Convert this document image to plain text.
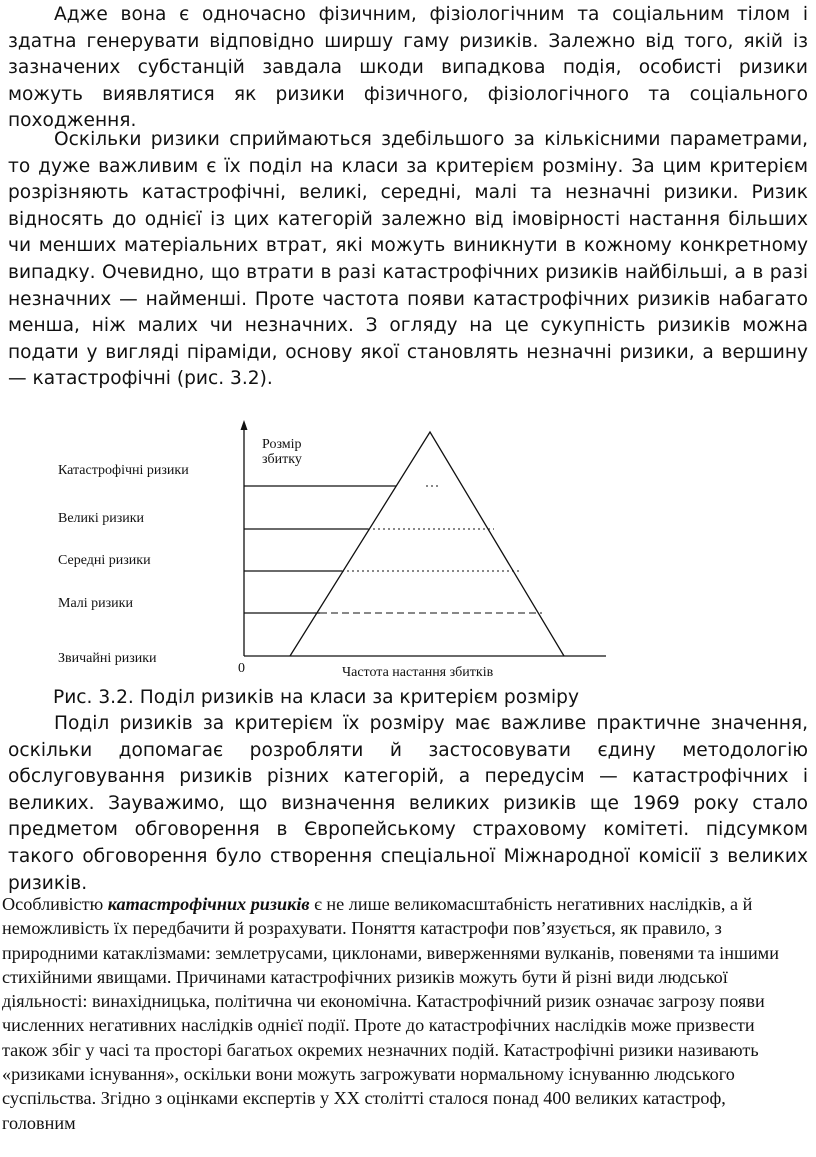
Адже вона є одночасно фізичним, фізіологічним та соціальним тілом і здатна генерувати відповідно ширшу гаму ризиків. Залежно від того, якій із зазначених субстанцій завдала шкоди випадкова подія, особисті ризики можуть виявлятися як ризики фізичного, фізіологічного та соціального походження.

Оскільки ризики сприймаються здебільшого за кількісними параметрами, то дуже важливим є їх поділ на класи за критерієм розміну. За цим критерієм розрізняють катастрофічні, великі, середні, малі та незначні ризики. Ризик відносять до однієї із цих категорій залежно від імовірності настання більших чи менших матеріальних втрат, які можуть виникнути в кожному конкретному випадку. Очевидно, що втрати в разі катастрофічних ризиків найбільші, а в разі незначних — найменші. Проте частота появи катастрофічних ризиків набагато менша, ніж малих чи незначних. З огляду на це сукупність ризиків можна подати у вигляді піраміди, основу якої становлять незначні ризики, а вершину — катастрофічні (рис. 3.2).

Розмір збитку
Катастрофічні ризики
Великі ризики
Середні ризики
Малі ризики
Звичайні ризики
0	Частота настання збитків

Рис. 3.2. Поділ ризиків на класи за критерієм розміру

Поділ ризиків за критерієм їх розміру має важливе практичне значення, оскільки допомагає розробляти й застосовувати єдину методологію обслуговування ризиків різних категорій, а передусім — катастрофічних і великих. Зауважимо, що визначення великих ризиків ще 1969 року стало предметом обговорення в Європейському страховому комітеті. підсумком такого обговорення було створення спеціальної Міжнародної комісії з великих ризиків.

Особливістю катастрофічних ризиків є не лише великомасштабність негативних наслідків, а й неможливість їх передбачити й розрахувати. Поняття катастрофи пов’язується, як правило, з природними катаклізмами: землетрусами, циклонами, виверженнями вулканів, повенями та іншими стихійними явищами. Причинами катастрофічних ризиків можуть бути й різні види людської діяльності: винахідницька, політична чи економічна. Катастрофічний ризик означає загрозу появи численних негативних наслідків однієї події. Проте до катастрофічних наслідків може призвести також збіг у часі та просторі багатьох окремих незначних подій. Катастрофічні ризики називають «ризиками існування», оскільки вони можуть загрожувати нормальному існуванню людського суспільства. Згідно з оцінками експертів у XX столітті сталося понад 400 великих катастроф, головним
